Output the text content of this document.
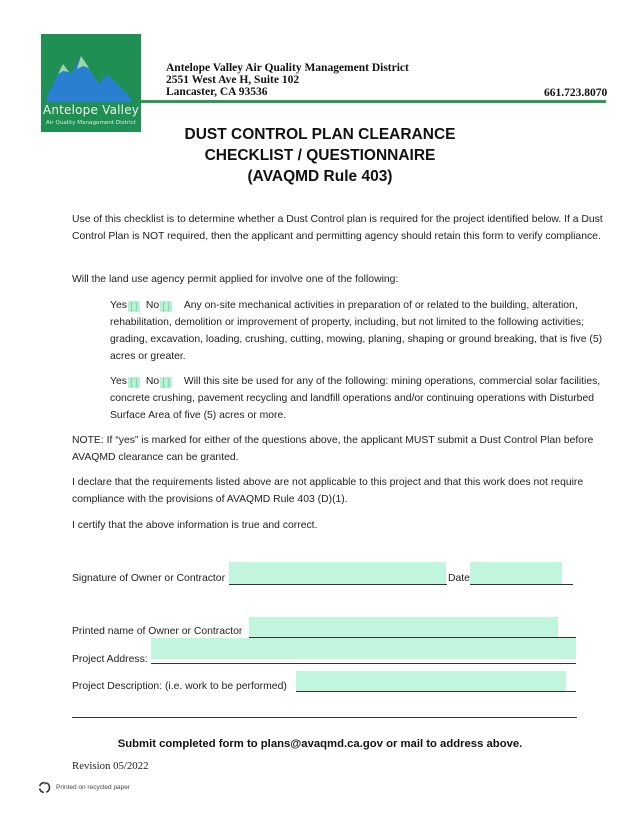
Antelope Valley
Air Quality Management District
Antelope Valley Air Quality Management District
2551 West Ave H, Suite 102
Lancaster, CA 93536	661.723.8070
DUST CONTROL PLAN CLEARANCE
CHECKLIST / QUESTIONNAIRE
(AVAQMD Rule 403)
Use of this checklist is to determine whether a Dust Control plan is required for the project identified below. If a Dust Control Plan is NOT required, then the applicant and permitting agency should retain this form to verify compliance.
Will the land use agency permit applied for involve one of the following:
Yes [ ] No [ ] Any on-site mechanical activities in preparation of or related to the building, alteration, rehabilitation, demolition or improvement of property, including, but not limited to the following activities; grading, excavation, loading, crushing, cutting, mowing, planing, shaping or ground breaking, that is five (5) acres or greater.
Yes [ ] No [ ] Will this site be used for any of the following: mining operations, commercial solar facilities, concrete crushing, pavement recycling and landfill operations and/or continuing operations with Disturbed Surface Area of five (5) acres or more.
NOTE: If “yes” is marked for either of the questions above, the applicant MUST submit a Dust Control Plan before AVAQMD clearance can be granted.
I declare that the requirements listed above are not applicable to this project and that this work does not require compliance with the provisions of AVAQMD Rule 403 (D)(1).
I certify that the above information is true and correct.
Signature of Owner or Contractor	Date
Printed name of Owner or Contractor
Project Address:
Project Description: (i.e. work to be performed)
Submit completed form to plans@avaqmd.ca.gov or mail to address above.
Revision 05/2022
Printed on recycled paper
